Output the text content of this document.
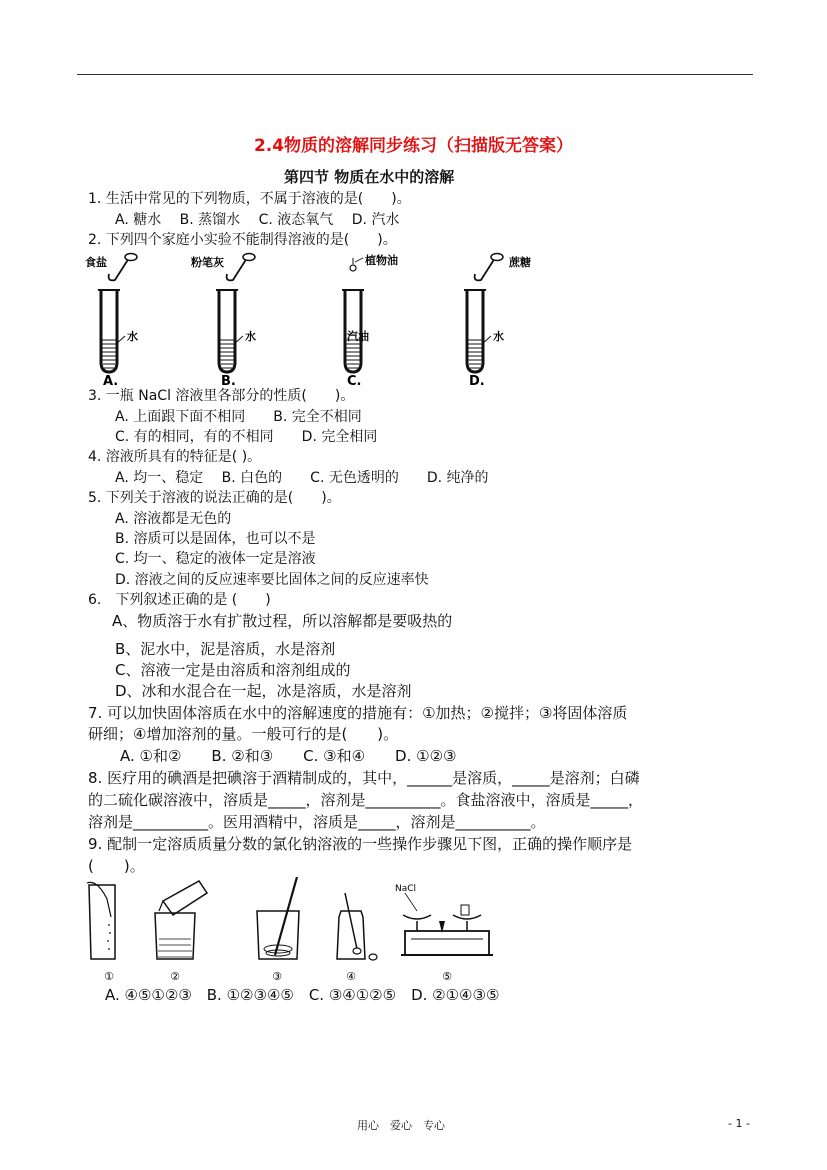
2.4物质的溶解同步练习（扫描版无答案）
第四节 物质在水中的溶解
1. 生活中常见的下列物质，不属于溶液的是(　　)。
A. 糖水　 B. 蒸馏水　 C. 液态氧气　 D. 汽水
2. 下列四个家庭小实验不能制得溶液的是(　　)。
食盐
水
A.
粉笔灰
水
B.
植物油
汽油
C.
蔗糖
水
D.
3. 一瓶 NaCl 溶液里各部分的性质(　　)。
A. 上面跟下面不相同　　B. 完全不相同
C. 有的相同，有的不相同　　D. 完全相同
4. 溶液所具有的特征是( )。
A. 均一、稳定　 B. 白色的　　C. 无色透明的　　D. 纯净的
5. 下列关于溶液的说法正确的是(　　)。
A. 溶液都是无色的
B. 溶质可以是固体，也可以不是
C. 均一、稳定的液体一定是溶液
D. 溶液之间的反应速率要比固体之间的反应速率快
6.　下列叙述正确的是 (　　)
A、物质溶于水有扩散过程，所以溶解都是要吸热的
B、泥水中，泥是溶质，水是溶剂
C、溶液一定是由溶质和溶剂组成的
D、冰和水混合在一起，冰是溶质，水是溶剂
7. 可以加快固体溶质在水中的溶解速度的措施有：①加热；②搅拌；③将固体溶质
研细；④增加溶剂的量。一般可行的是(　　)。
A. ①和②　　B. ②和③　　C. ③和④　　D. ①②③
8. 医疗用的碘酒是把碘溶于酒精制成的，其中，______是溶质，_____是溶剂；白磷
的二硫化碳溶液中，溶质是_____，溶剂是__________。食盐溶液中，溶质是_____，
溶剂是__________。医用酒精中，溶质是_____，溶剂是__________。
9. 配制一定溶质质量分数的氯化钠溶液的一些操作步骤见下图，正确的操作顺序是
(　　)。
①	②	③	④
NaCl
⑤
A. ④⑤①②③　B. ①②③④⑤　C. ③④①②⑤　D. ②①④③⑤
用心　爱心　专心	- 1 -
